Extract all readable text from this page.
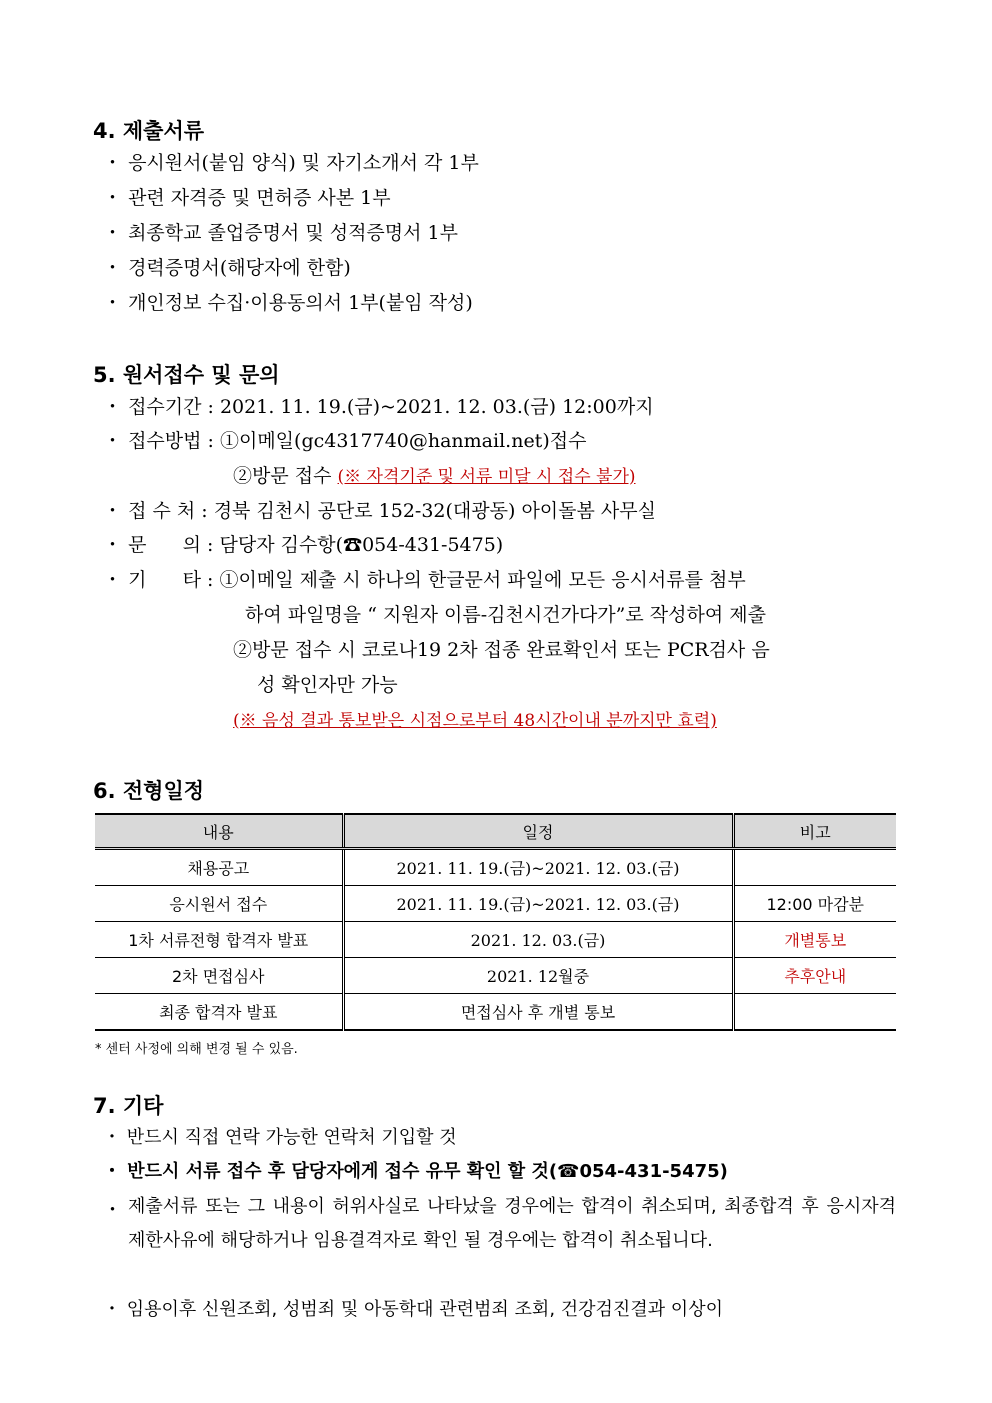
4. 제출서류
・ 응시원서(붙임 양식) 및 자기소개서 각 1부
・ 관련 자격증 및 면허증 사본 1부
・ 최종학교 졸업증명서 및 성적증명서 1부
・ 경력증명서(해당자에 한함)
・ 개인정보 수집·이용동의서 1부(붙임 작성)
5. 원서접수 및 문의
・ 접수기간 : 2021. 11. 19.(금)~2021. 12. 03.(금) 12:00까지
・ 접수방법 : ①이메일(gc4317740@hanmail.net)접수
②방문 접수 (※ 자격기준 및 서류 미달 시 접수 불가)
・ 접 수 처 : 경북 김천시 공단로 152-32(대광동) 아이돌봄 사무실
・ 문      의 : 담당자 김수항(☎054-431-5475)
・ 기      타 : ①이메일 제출 시 하나의 한글문서 파일에 모든 응시서류를 첨부
하여 파일명을 “ 지원자 이름-김천시건가다가”로 작성하여 제출
②방문 접수 시 코로나19 2차 접종 완료확인서 또는 PCR검사 음
성 확인자만 가능
(※ 음성 결과 통보받은 시점으로부터 48시간이내 분까지만 효력)
6. 전형일정
내용	일정	비고
채용공고	2021. 11. 19.(금)~2021. 12. 03.(금)	
응시원서 접수	2021. 11. 19.(금)~2021. 12. 03.(금)	12:00 마감분
1차 서류전형 합격자 발표	2021. 12. 03.(금)	개별통보
2차 면접심사	2021. 12월중	추후안내
최종 합격자 발표	면접심사 후 개별 통보	
* 센터 사정에 의해 변경 될 수 있음.
7. 기타
・ 반드시 직접 연락 가능한 연락처 기입할 것
・ 반드시 서류 접수 후 담당자에게 접수 유무 확인 할 것(☎054-431-5475)
・ 제출서류 또는 그 내용이 허위사실로 나타났을 경우에는 합격이 취소되며, 최종합격 후 응시자격 제한사유에 해당하거나 임용결격자로 확인 될 경우에는 합격이 취소됩니다.
・ 임용이후 신원조회, 성범죄 및 아동학대 관련범죄 조회, 건강검진결과 이상이
